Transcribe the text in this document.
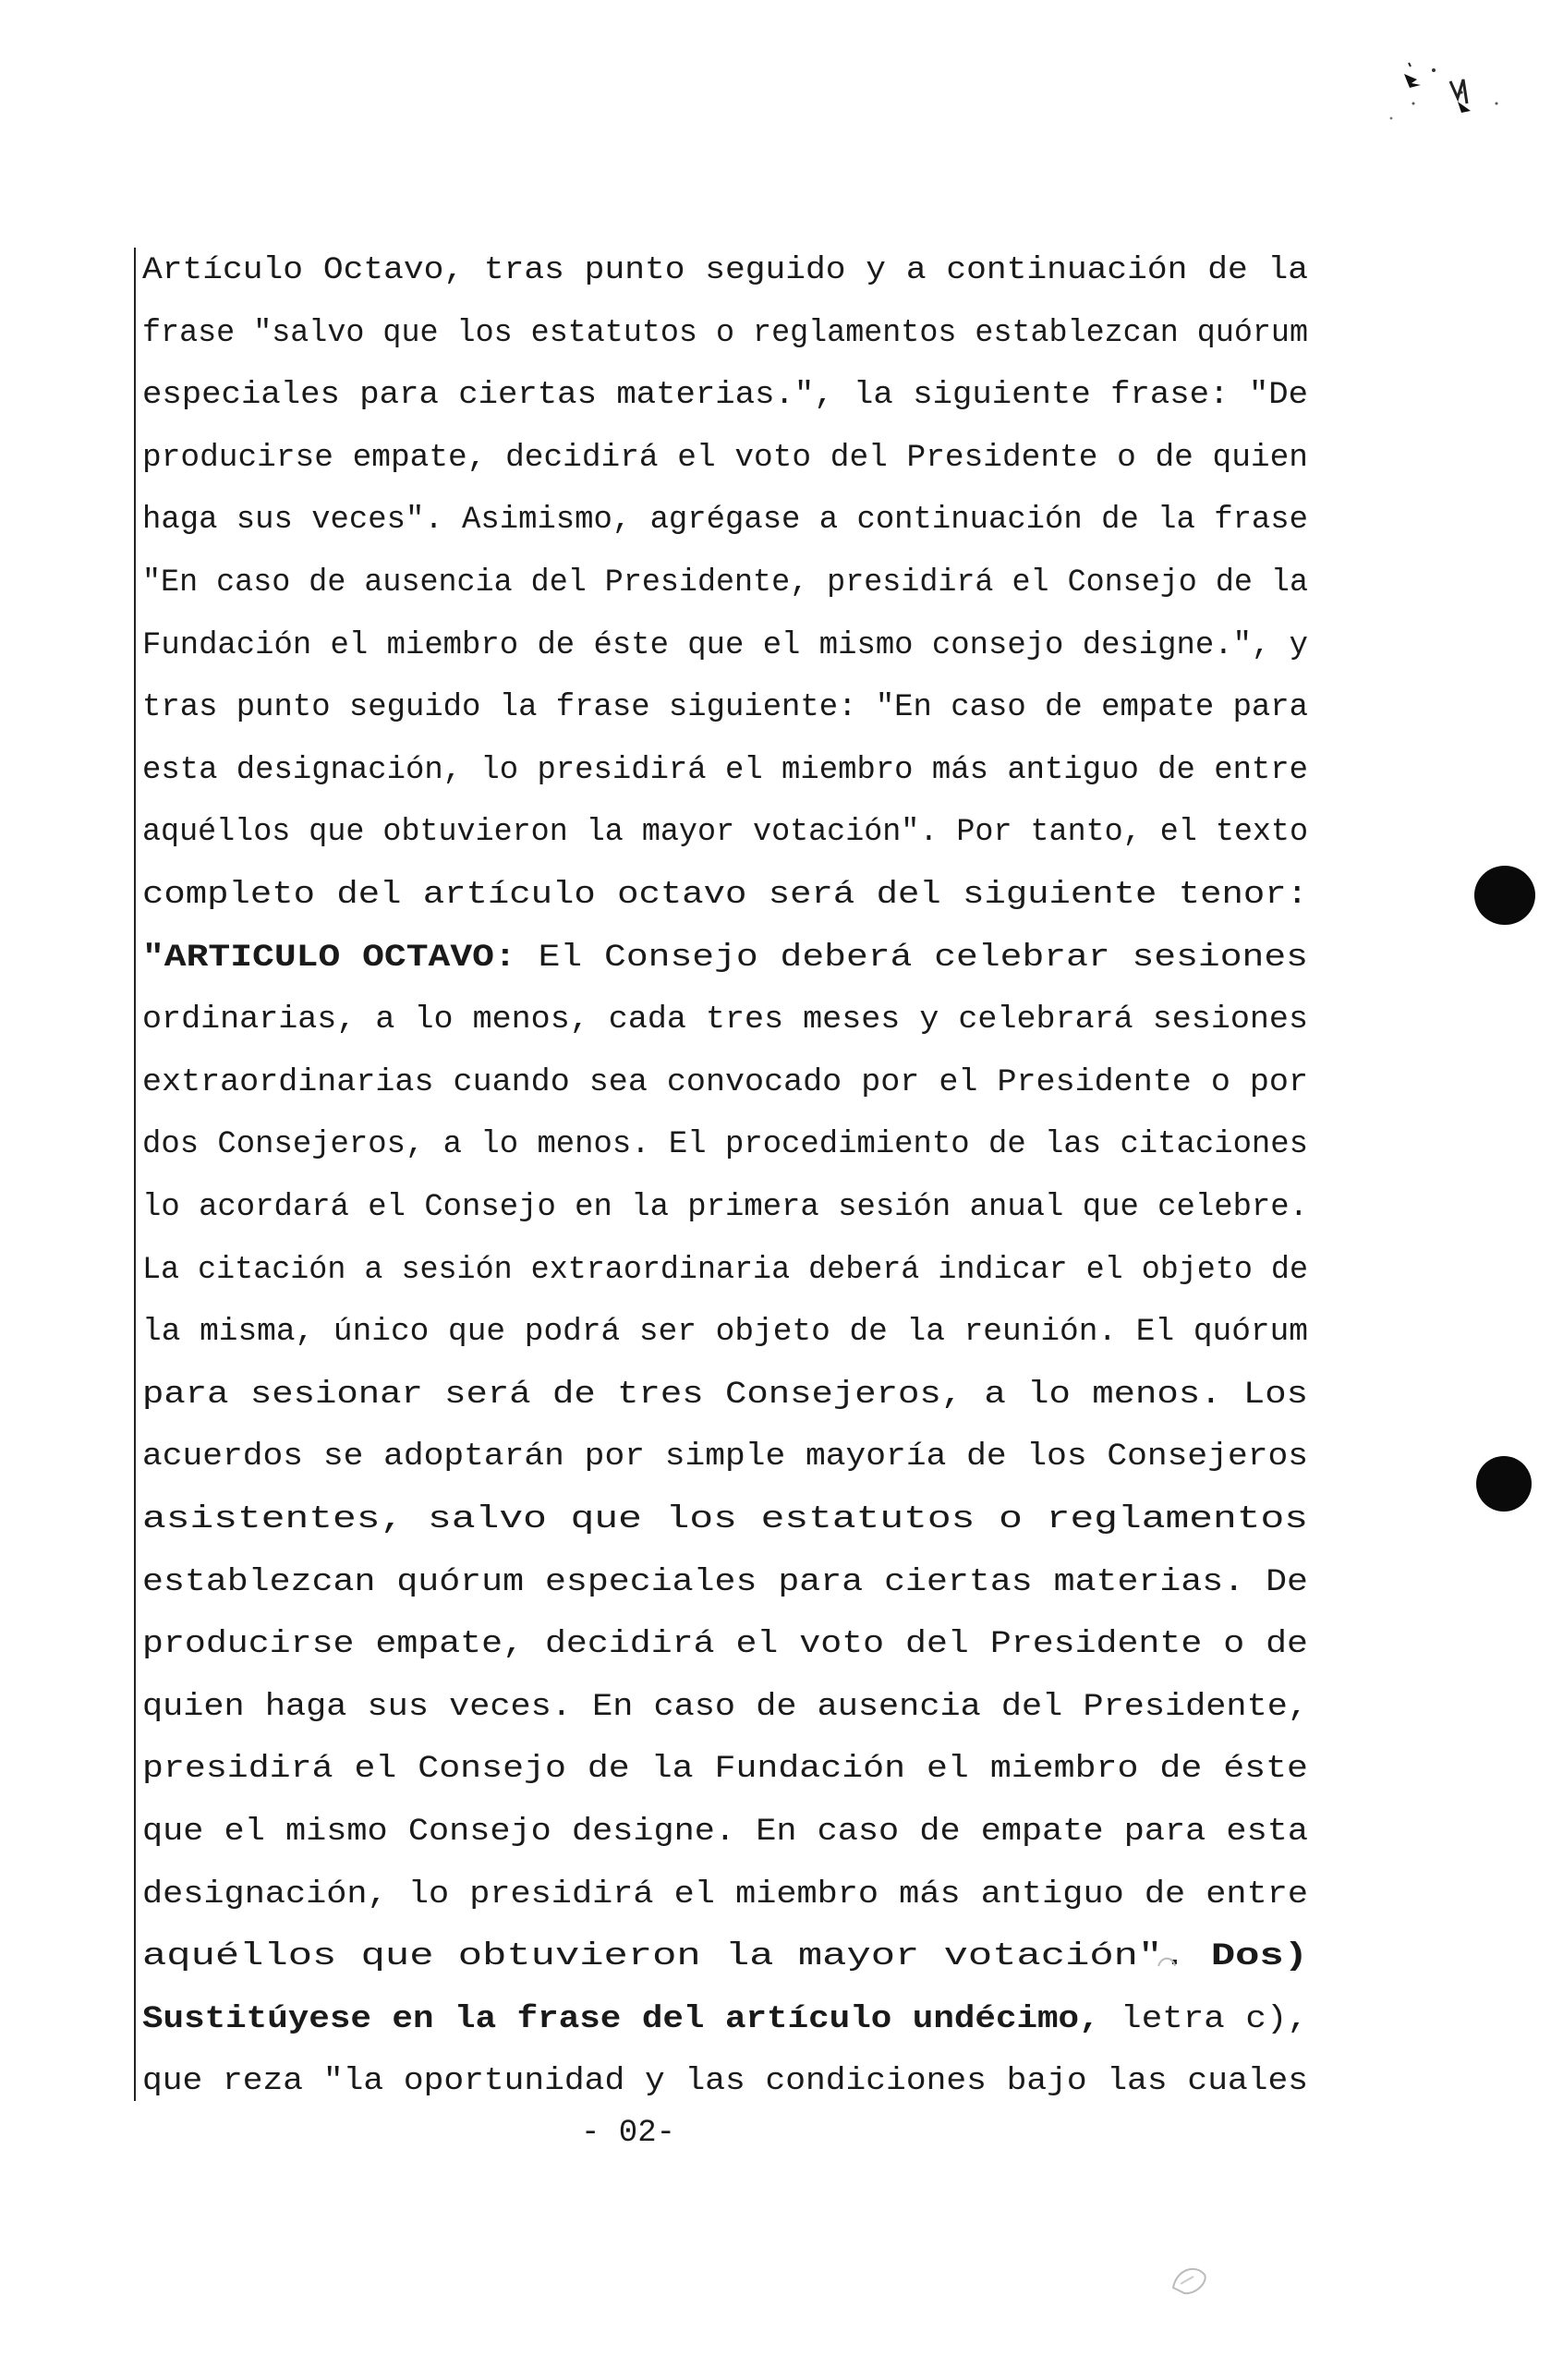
Artículo Octavo, tras punto seguido y a continuación de la
frase "salvo que los estatutos o reglamentos establezcan quórum
especiales para ciertas materias.", la siguiente frase: "De
producirse empate, decidirá el voto del Presidente o de quien
haga sus veces". Asimismo, agrégase a continuación de la frase
"En caso de ausencia del Presidente, presidirá el Consejo de la
Fundación el miembro de éste que el mismo consejo designe.", y
tras punto seguido la frase siguiente: "En caso de empate para
esta designación, lo presidirá el miembro más antiguo de entre
aquéllos que obtuvieron la mayor votación". Por tanto, el texto
completo del artículo octavo será del siguiente tenor:
"ARTICULO OCTAVO: El Consejo deberá celebrar sesiones
ordinarias, a lo menos, cada tres meses y celebrará sesiones
extraordinarias cuando sea convocado por el Presidente o por
dos Consejeros, a lo menos. El procedimiento de las citaciones
lo acordará el Consejo en la primera sesión anual que celebre.
La citación a sesión extraordinaria deberá indicar el objeto de
la misma, único que podrá ser objeto de la reunión. El quórum
para sesionar será de tres Consejeros, a lo menos. Los
acuerdos se adoptarán por simple mayoría de los Consejeros
asistentes, salvo que los estatutos o reglamentos
establezcan quórum especiales para ciertas materias. De
producirse empate, decidirá el voto del Presidente o de
quien haga sus veces. En caso de ausencia del Presidente,
presidirá el Consejo de la Fundación el miembro de éste
que el mismo Consejo designe. En caso de empate para esta
designación, lo presidirá el miembro más antiguo de entre
aquéllos que obtuvieron la mayor votación". Dos)
Sustitúyese en la frase del artículo undécimo, letra c),
que reza "la oportunidad y las condiciones bajo las cuales
- 02-
